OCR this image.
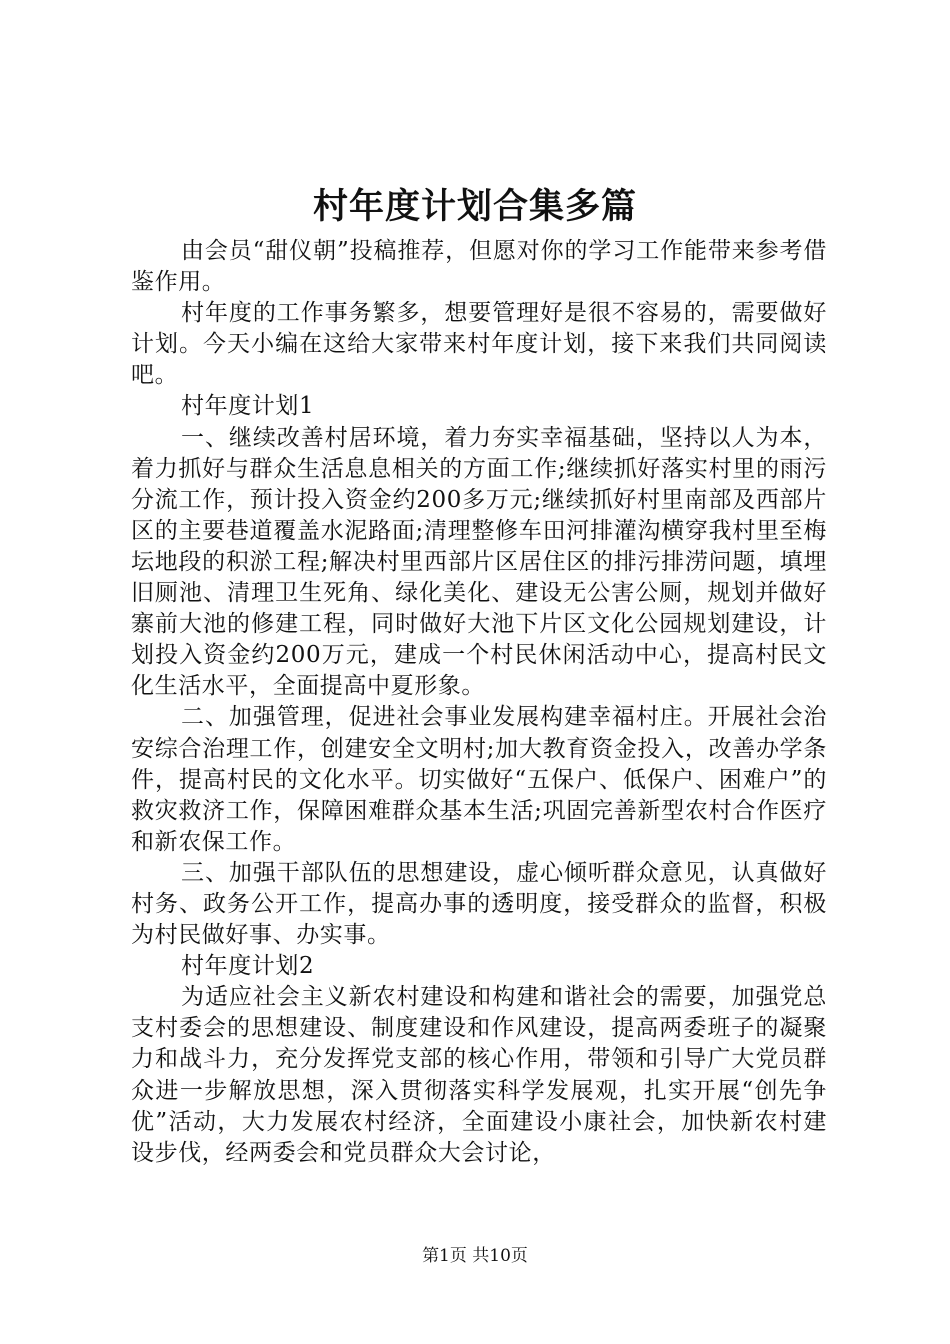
村年度计划合集多篇

由会员“甜仪朝”投稿推荐，但愿对你的学习工作能带来参考借鉴作用。

村年度的工作事务繁多，想要管理好是很不容易的，需要做好计划。今天小编在这给大家带来村年度计划，接下来我们共同阅读吧。

村年度计划1

一、继续改善村居环境，着力夯实幸福基础，坚持以人为本，着力抓好与群众生活息息相关的方面工作;继续抓好落实村里的雨污分流工作，预计投入资金约200多万元;继续抓好村里南部及西部片区的主要巷道覆盖水泥路面;清理整修车田河排灌沟横穿我村里至梅坛地段的积淤工程;解决村里西部片区居住区的排污排涝问题，填埋旧厕池、清理卫生死角、绿化美化、建设无公害公厕，规划并做好寨前大池的修建工程，同时做好大池下片区文化公园规划建设，计划投入资金约200万元，建成一个村民休闲活动中心，提高村民文化生活水平，全面提高中夏形象。

二、加强管理，促进社会事业发展构建幸福村庄。开展社会治安综合治理工作，创建安全文明村;加大教育资金投入，改善办学条件，提高村民的文化水平。切实做好“五保户、低保户、困难户”的救灾救济工作，保障困难群众基本生活;巩固完善新型农村合作医疗和新农保工作。

三、加强干部队伍的思想建设，虚心倾听群众意见，认真做好村务、政务公开工作，提高办事的透明度，接受群众的监督，积极为村民做好事、办实事。

村年度计划2

为适应社会主义新农村建设和构建和谐社会的需要，加强党总支村委会的思想建设、制度建设和作风建设，提高两委班子的凝聚力和战斗力，充分发挥党支部的核心作用，带领和引导广大党员群众进一步解放思想，深入贯彻落实科学发展观，扎实开展“创先争优”活动，大力发展农村经济，全面建设小康社会，加快新农村建设步伐，经两委会和党员群众大会讨论，

第1页 共10页
